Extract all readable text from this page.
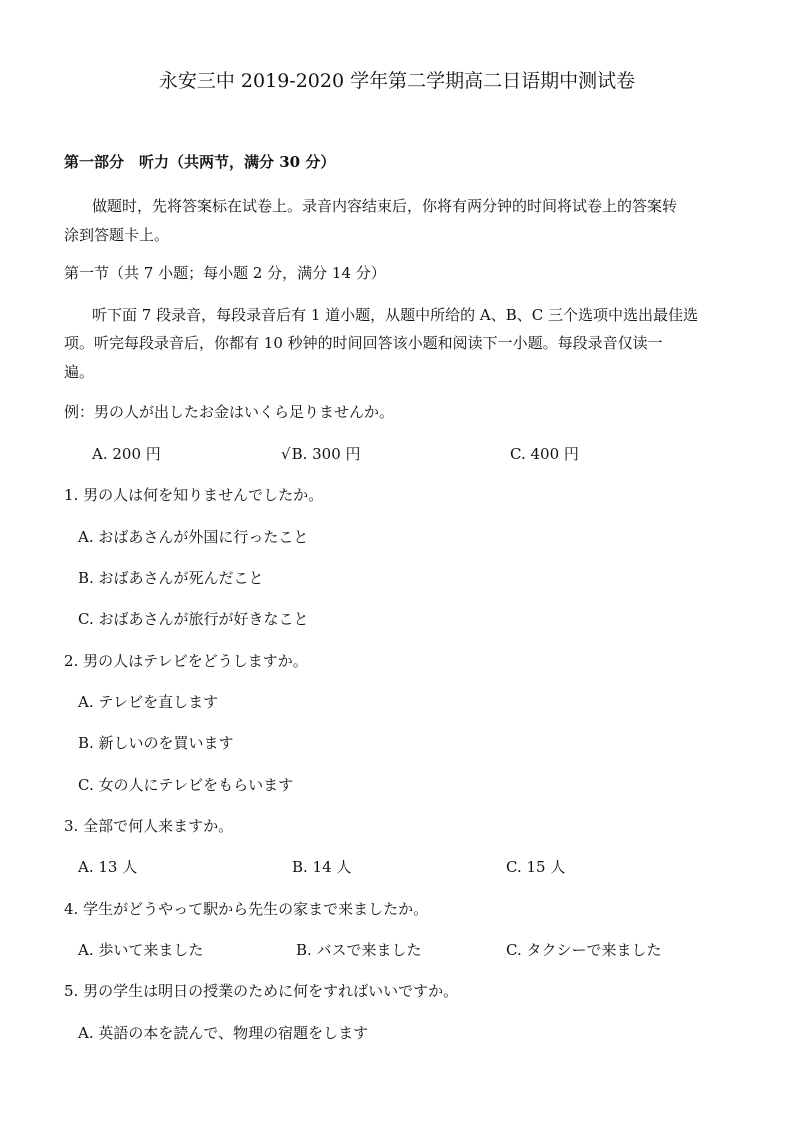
永安三中 2019-2020 学年第二学期高二日语期中测试卷
第一部分　听力（共两节，满分 30 分）
做题时，先将答案标在试卷上。录音内容结束后，你将有两分钟的时间将试卷上的答案转
涂到答题卡上。
第一节（共 7 小题；每小题 2 分，满分 14 分）
听下面 7 段录音，每段录音后有 1 道小题，从题中所给的 A、B、C 三个选项中选出最佳选
项。听完每段录音后，你都有 10 秒钟的时间回答该小题和阅读下一小题。每段录音仅读一
遍。
例：男の人が出したお金はいくら足りませんか。
A. 200 円	√B. 300 円	C. 400 円
1. 男の人は何を知りませんでしたか。
A. おばあさんが外国に行ったこと
B. おばあさんが死んだこと
C. おばあさんが旅行が好きなこと
2. 男の人はテレビをどうしますか。
A. テレビを直します
B. 新しいのを買います
C. 女の人にテレビをもらいます
3. 全部で何人来ますか。
A. 13 人	B. 14 人	C. 15 人
4. 学生がどうやって駅から先生の家まで来ましたか。
A. 歩いて来ました	B. バスで来ました	C. タクシーで来ました
5. 男の学生は明日の授業のために何をすればいいですか。
A. 英語の本を読んで、物理の宿題をします
